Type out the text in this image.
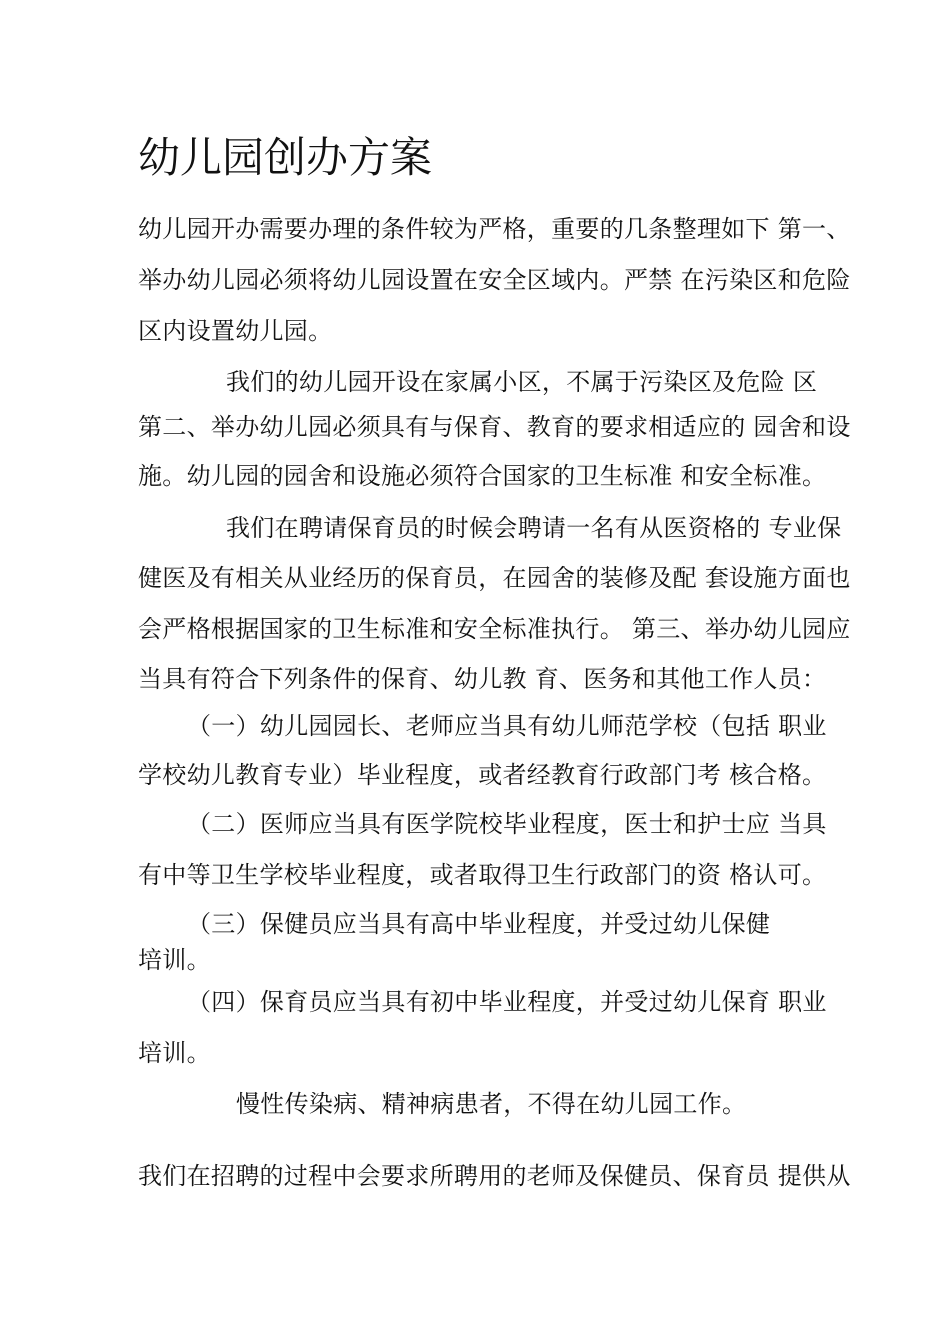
幼儿园创办方案
幼儿园开办需要办理的条件较为严格，重要的几条整理如下 第一、
举办幼儿园必须将幼儿园设置在安全区域内。严禁 在污染区和危险
区内设置幼儿园。
我们的幼儿园开设在家属小区，不属于污染区及危险 区
第二、举办幼儿园必须具有与保育、教育的要求相适应的 园舍和设
施。幼儿园的园舍和设施必须符合国家的卫生标准 和安全标准。
我们在聘请保育员的时候会聘请一名有从医资格的 专业保
健医及有相关从业经历的保育员，在园舍的装修及配 套设施方面也
会严格根据国家的卫生标准和安全标准执行。 第三、举办幼儿园应
当具有符合下列条件的保育、幼儿教 育、医务和其他工作人员：
（一）幼儿园园长、老师应当具有幼儿师范学校（包括 职业
学校幼儿教育专业）毕业程度，或者经教育行政部门考 核合格。
（二）医师应当具有医学院校毕业程度，医士和护士应 当具
有中等卫生学校毕业程度，或者取得卫生行政部门的资 格认可。
（三）保健员应当具有高中毕业程度，并受过幼儿保健
培训。
（四）保育员应当具有初中毕业程度，并受过幼儿保育 职业
培训。
慢性传染病、精神病患者，不得在幼儿园工作。
我们在招聘的过程中会要求所聘用的老师及保健员、保育员 提供从
